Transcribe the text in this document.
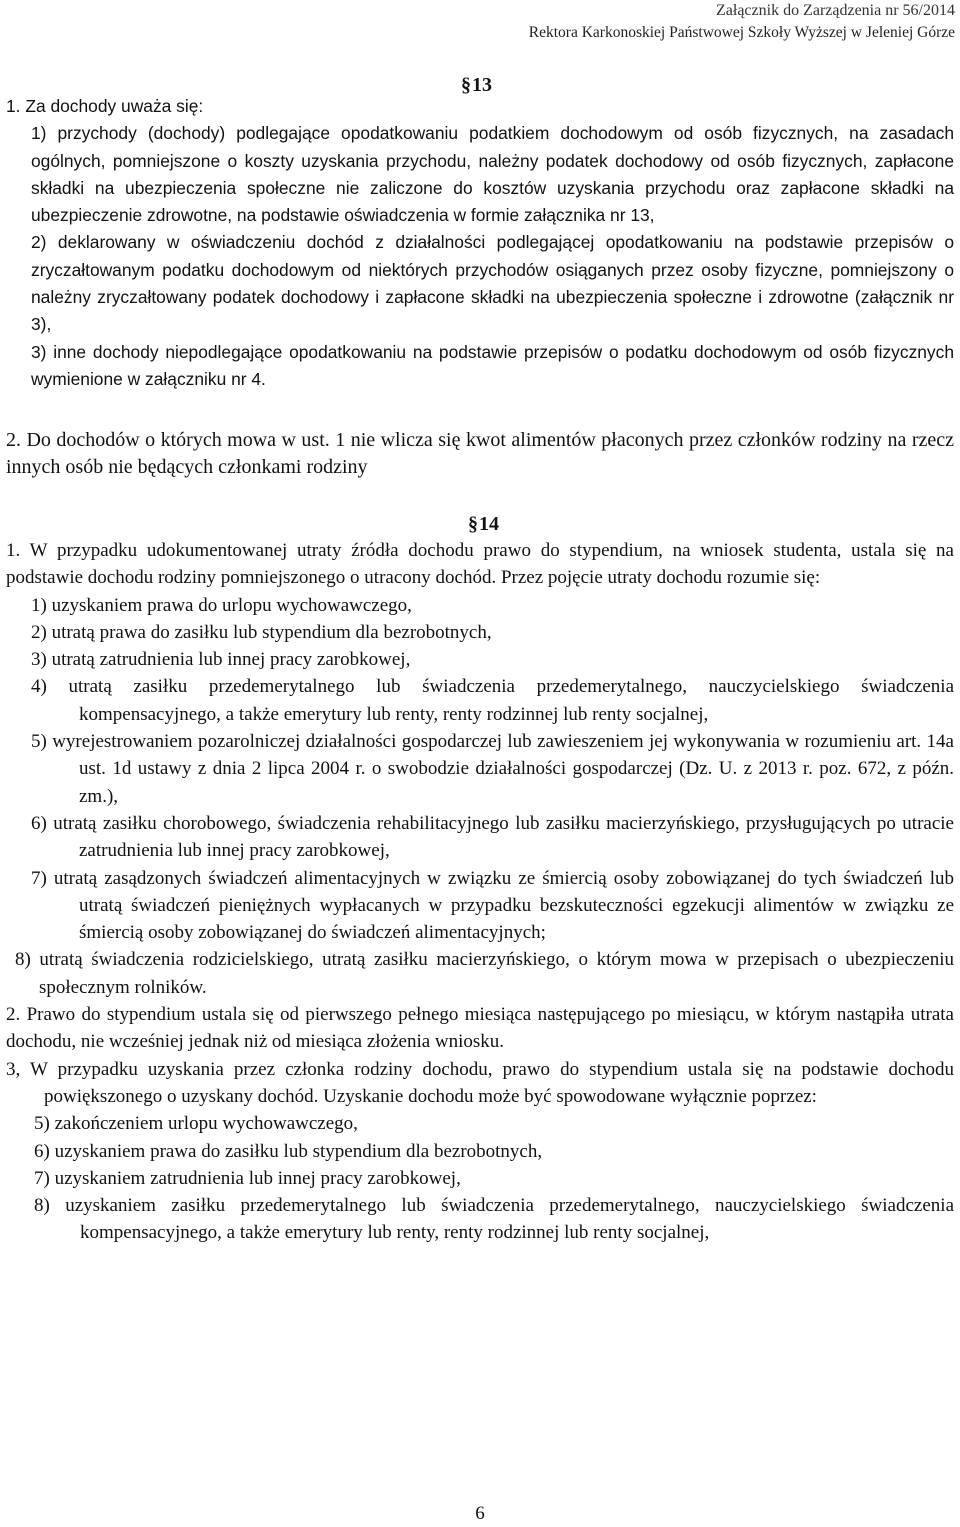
Załącznik do Zarządzenia nr 56/2014
Rektora Karkonoskiej Państwowej Szkoły Wyższej w Jeleniej Górze
§13

1. Za dochody uważa się:

1) przychody (dochody) podlegające opodatkowaniu podatkiem dochodowym od osób fizycznych, na zasadach ogólnych, pomniejszone o koszty uzyskania przychodu, należny podatek dochodowy od osób fizycznych, zapłacone składki na ubezpieczenia społeczne nie zaliczone do kosztów uzyskania przychodu oraz zapłacone składki na ubezpieczenie zdrowotne, na podstawie oświadczenia w formie załącznika nr 13,

2) deklarowany w oświadczeniu dochód z działalności podlegającej opodatkowaniu na podstawie przepisów o zryczałtowanym podatku dochodowym od niektórych przychodów osiąganych przez osoby fizyczne, pomniejszony o należny zryczałtowany podatek dochodowy i zapłacone składki na ubezpieczenia społeczne i zdrowotne (załącznik nr 3),

3) inne dochody niepodlegające opodatkowaniu na podstawie przepisów o podatku dochodowym od osób fizycznych wymienione w załączniku nr 4.

2. Do dochodów o których mowa w ust. 1 nie wlicza się kwot alimentów płaconych przez członków rodziny na rzecz innych osób nie będących członkami rodziny

§14

1. W przypadku udokumentowanej utraty źródła dochodu prawo do stypendium, na wniosek studenta, ustala się na podstawie dochodu rodziny pomniejszonego o utracony dochód. Przez pojęcie utraty dochodu rozumie się:

1) uzyskaniem prawa do urlopu wychowawczego,

2) utratą prawa do zasiłku lub stypendium dla bezrobotnych,

3) utratą zatrudnienia lub innej pracy zarobkowej,

4) utratą zasiłku przedemerytalnego lub świadczenia przedemerytalnego, nauczycielskiego świadczenia kompensacyjnego, a także emerytury lub renty, renty rodzinnej lub renty socjalnej,

5) wyrejestrowaniem pozarolniczej działalności gospodarczej lub zawieszeniem jej wykonywania w rozumieniu art. 14a ust. 1d ustawy z dnia 2 lipca 2004 r. o swobodzie działalności gospodarczej (Dz. U. z 2013 r. poz. 672, z późn. zm.),

6) utratą zasiłku chorobowego, świadczenia rehabilitacyjnego lub zasiłku macierzyńskiego, przysługujących po utracie zatrudnienia lub innej pracy zarobkowej,

7) utratą zasądzonych świadczeń alimentacyjnych w związku ze śmiercią osoby zobowiązanej do tych świadczeń lub utratą świadczeń pieniężnych wypłacanych w przypadku bezskuteczności egzekucji alimentów w związku ze śmiercią osoby zobowiązanej do świadczeń alimentacyjnych;

8) utratą świadczenia rodzicielskiego, utratą zasiłku macierzyńskiego, o którym mowa w przepisach o ubezpieczeniu społecznym rolników.

2. Prawo do stypendium ustala się od pierwszego pełnego miesiąca następującego po miesiącu, w którym nastąpiła utrata dochodu, nie wcześniej jednak niż od miesiąca złożenia wniosku.

3, W przypadku uzyskania przez członka rodziny dochodu, prawo do stypendium ustala się na podstawie dochodu powiększonego o uzyskany dochód. Uzyskanie dochodu może być spowodowane wyłącznie poprzez:

5) zakończeniem urlopu wychowawczego,

6) uzyskaniem prawa do zasiłku lub stypendium dla bezrobotnych,

7) uzyskaniem zatrudnienia lub innej pracy zarobkowej,

8) uzyskaniem zasiłku przedemerytalnego lub świadczenia przedemerytalnego, nauczycielskiego świadczenia kompensacyjnego, a także emerytury lub renty, renty rodzinnej lub renty socjalnej,

6
